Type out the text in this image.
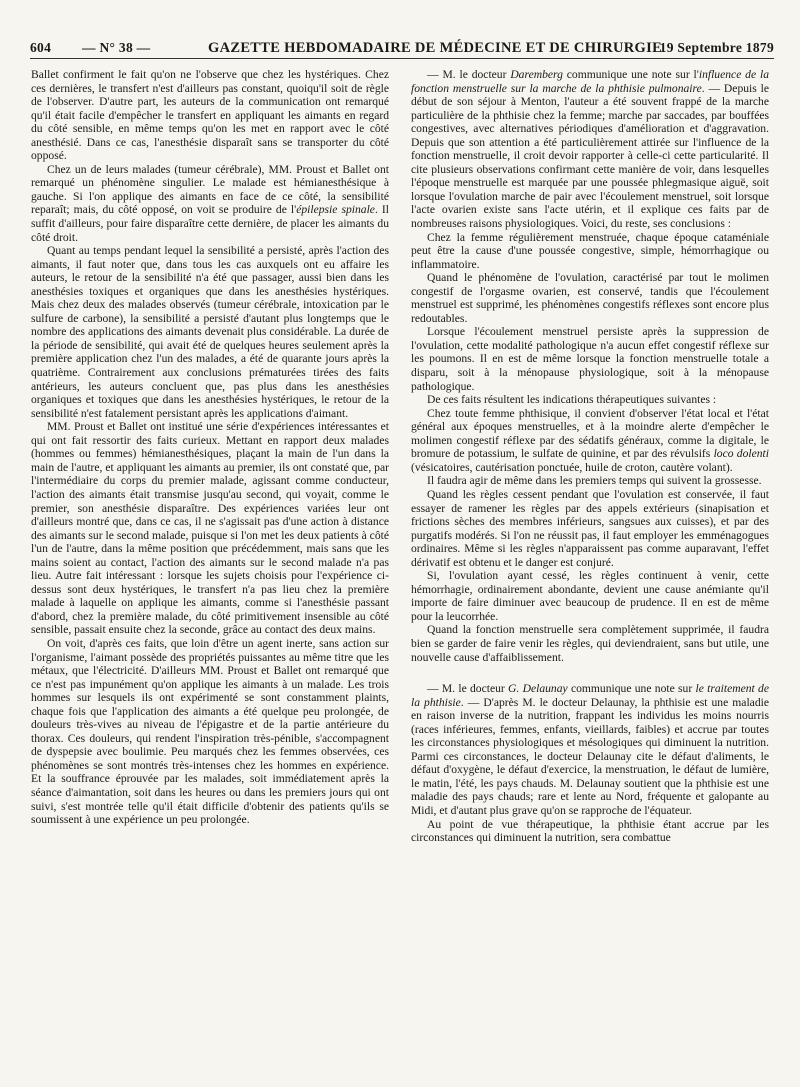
604 — N° 38 —	GAZETTE HEBDOMADAIRE DE MÉDECINE ET DE CHIRURGIE
19 Septembre 1879

Ballet confirment le fait qu'on ne l'observe que chez les hystériques. Chez ces dernières, le transfert n'est d'ailleurs pas constant, quoiqu'il soit de règle de l'observer. D'autre part, les auteurs de la communication ont remarqué qu'il était facile d'empêcher le transfert en appliquant les aimants en regard du côté sensible, en même temps qu'on les met en rapport avec le côté anesthésié. Dans ce cas, l'anesthésie disparaît sans se transporter du côté opposé.

Chez un de leurs malades (tumeur cérébrale), MM. Proust et Ballet ont remarqué un phénomène singulier. Le malade est hémianesthésique à gauche. Si l'on applique des aimants en face de ce côté, la sensibilité reparaît; mais, du côté opposé, on voit se produire de l'épilepsie spinale. Il suffit d'ailleurs, pour faire disparaître cette dernière, de placer les aimants du côté droit.

Quant au temps pendant lequel la sensibilité a persisté, après l'action des aimants, il faut noter que, dans tous les cas auxquels ont eu affaire les auteurs, le retour de la sensibilité n'a été que passager, aussi bien dans les anesthésies toxiques et organiques que dans les anesthésies hystériques. Mais chez deux des malades observés (tumeur cérébrale, intoxication par le sulfure de carbone), la sensibilité a persisté d'autant plus longtemps que le nombre des applications des aimants devenait plus considérable. La durée de la période de sensibilité, qui avait été de quelques heures seulement après la première application chez l'un des malades, a été de quarante jours après la quatrième. Contrairement aux conclusions prématurées tirées des faits antérieurs, les auteurs concluent que, pas plus dans les anesthésies organiques et toxiques que dans les anesthésies hystériques, le retour de la sensibilité n'est fatalement persistant après les applications d'aimant.

MM. Proust et Ballet ont institué une série d'expériences intéressantes et qui ont fait ressortir des faits curieux. Mettant en rapport deux malades (hommes ou femmes) hémianesthésiques, plaçant la main de l'un dans la main de l'autre, et appliquant les aimants au premier, ils ont constaté que, par l'intermédiaire du corps du premier malade, agissant comme conducteur, l'action des aimants était transmise jusqu'au second, qui voyait, comme le premier, son anesthésie disparaître. Des expériences variées leur ont d'ailleurs montré que, dans ce cas, il ne s'agissait pas d'une action à distance des aimants sur le second malade, puisque si l'on met les deux patients à côté l'un de l'autre, dans la même position que précédemment, mais sans que les mains soient au contact, l'action des aimants sur le second malade n'a pas lieu. Autre fait intéressant : lorsque les sujets choisis pour l'expérience ci-dessus sont deux hystériques, le transfert n'a pas lieu chez la première malade à laquelle on applique les aimants, comme si l'anesthésie passant d'abord, chez la première malade, du côté primitivement insensible au côté sensible, passait ensuite chez la seconde, grâce au contact des deux mains.

On voit, d'après ces faits, que loin d'être un agent inerte, sans action sur l'organisme, l'aimant possède des propriétés puissantes au même titre que les métaux, que l'électricité. D'ailleurs MM. Proust et Ballet ont remarqué que ce n'est pas impunément qu'on applique les aimants à un malade. Les trois hommes sur lesquels ils ont expérimenté se sont constamment plaints, chaque fois que l'application des aimants a été quelque peu prolongée, de douleurs très-vives au niveau de l'épigastre et de la partie antérieure du thorax. Ces douleurs, qui rendent l'inspiration très-pénible, s'accompagnent de dyspepsie avec boulimie. Peu marqués chez les femmes observées, ces phénomènes se sont montrés très-intenses chez les hommes en expérience. Et la souffrance éprouvée par les malades, soit immédiatement après la séance d'aimantation, soit dans les heures ou dans les premiers jours qui ont suivi, s'est montrée telle qu'il était difficile d'obtenir des patients qu'ils se soumissent à une expérience un peu prolongée.

— M. le docteur Daremberg communique une note sur l'influence de la fonction menstruelle sur la marche de la phthisie pulmonaire. — Depuis le début de son séjour à Menton, l'auteur a été souvent frappé de la marche particulière de la phthisie chez la femme; marche par saccades, par bouffées congestives, avec alternatives périodiques d'amélioration et d'aggravation. Depuis que son attention a été particulièrement attirée sur l'influence de la fonction menstruelle, il croit devoir rapporter à celle-ci cette particularité. Il cite plusieurs observations confirmant cette manière de voir, dans lesquelles l'époque menstruelle est marquée par une poussée phlegmasique aiguë, soit lorsque l'ovulation marche de pair avec l'écoulement menstruel, soit lorsque l'acte ovarien existe sans l'acte utérin, et il explique ces faits par de nombreuses raisons physiologiques. Voici, du reste, ses conclusions :

Chez la femme régulièrement menstruée, chaque époque cataméniale peut être la cause d'une poussée congestive, simple, hémorrhagique ou inflammatoire.

Quand le phénomène de l'ovulation, caractérisé par tout le molimen congestif de l'orgasme ovarien, est conservé, tandis que l'écoulement menstruel est supprimé, les phénomènes congestifs réflexes sont encore plus redoutables.

Lorsque l'écoulement menstruel persiste après la suppression de l'ovulation, cette modalité pathologique n'a aucun effet congestif réflexe sur les poumons. Il en est de même lorsque la fonction menstruelle totale a disparu, soit à la ménopause physiologique, soit à la ménopause pathologique.

De ces faits résultent les indications thérapeutiques suivantes :

Chez toute femme phthisique, il convient d'observer l'état local et l'état général aux époques menstruelles, et à la moindre alerte d'empêcher le molimen congestif réflexe par des sédatifs généraux, comme la digitale, le bromure de potassium, le sulfate de quinine, et par des révulsifs loco dolenti (vésicatoires, cautérisation ponctuée, huile de croton, cautère volant).

Il faudra agir de même dans les premiers temps qui suivent la grossesse.

Quand les règles cessent pendant que l'ovulation est conservée, il faut essayer de ramener les règles par des appels extérieurs (sinapisation et frictions sèches des membres inférieurs, sangsues aux cuisses), et par des purgatifs modérés. Si l'on ne réussit pas, il faut employer les emménagogues ordinaires. Même si les règles n'apparaissent pas comme auparavant, l'effet dérivatif est obtenu et le danger est conjuré.

Si, l'ovulation ayant cessé, les règles continuent à venir, cette hémorrhagie, ordinairement abondante, devient une cause anémiante qu'il importe de faire diminuer avec beaucoup de prudence. Il en est de même pour la leucorrhée.

Quand la fonction menstruelle sera complètement supprimée, il faudra bien se garder de faire venir les règles, qui deviendraient, sans but utile, une nouvelle cause d'affaiblissement.

— M. le docteur G. Delaunay communique une note sur le traitement de la phthisie. — D'après M. le docteur Delaunay, la phthisie est une maladie en raison inverse de la nutrition, frappant les individus les moins nourris (races inférieures, femmes, enfants, vieillards, faibles) et accrue par toutes les circonstances physiologiques et mésologiques qui diminuent la nutrition. Parmi ces circonstances, le docteur Delaunay cite le défaut d'aliments, le défaut d'oxygène, le défaut d'exercice, la menstruation, le défaut de lumière, le matin, l'été, les pays chauds. M. Delaunay soutient que la phthisie est une maladie des pays chauds; rare et lente au Nord, fréquente et galopante au Midi, et d'autant plus grave qu'on se rapproche de l'équateur.

Au point de vue thérapeutique, la phthisie étant accrue par les circonstances qui diminuent la nutrition, sera combattue
